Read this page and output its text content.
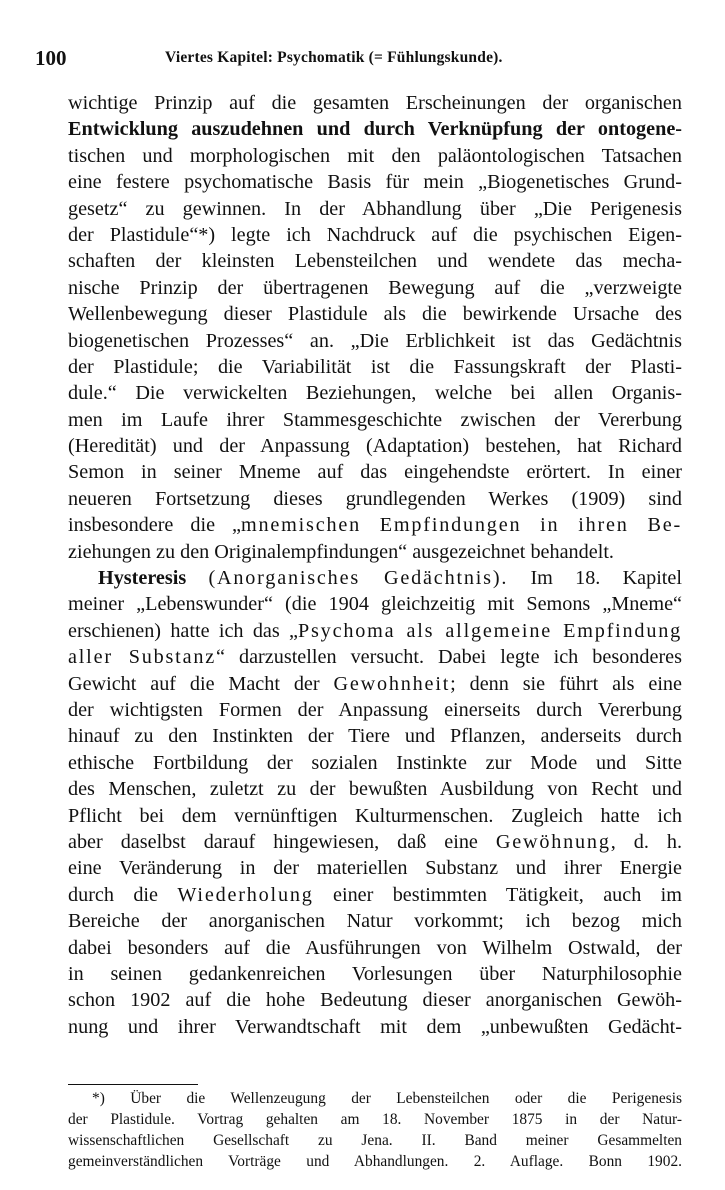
100	Viertes Kapitel: Psychomatik (= Fühlungskunde).
wichtige Prinzip auf die gesamten Erscheinungen der organischen
Entwicklung auszudehnen und durch Verknüpfung der ontogene-
tischen und morphologischen mit den paläontologischen Tatsachen
eine festere psychomatische Basis für mein „Biogenetisches Grund-
gesetz“ zu gewinnen. In der Abhandlung über „Die Perigenesis
der Plastidule“*) legte ich Nachdruck auf die psychischen Eigen-
schaften der kleinsten Lebensteilchen und wendete das mecha-
nische Prinzip der übertragenen Bewegung auf die „verzweigte
Wellenbewegung dieser Plastidule als die bewirkende Ursache des
biogenetischen Prozesses“ an. „Die Erblichkeit ist das Gedächtnis
der Plastidule; die Variabilität ist die Fassungskraft der Plasti-
dule.“ Die verwickelten Beziehungen, welche bei allen Organis-
men im Laufe ihrer Stammesgeschichte zwischen der Vererbung
(Heredität) und der Anpassung (Adaptation) bestehen, hat Richard
Semon in seiner Mneme auf das eingehendste erörtert. In einer
neueren Fortsetzung dieses grundlegenden Werkes (1909) sind
insbesondere die „mnemischen Empfindungen in ihren Be-
ziehungen zu den Originalempfindungen“ ausgezeichnet behandelt.
Hysteresis (Anorganisches Gedächtnis). Im 18. Kapitel
meiner „Lebenswunder“ (die 1904 gleichzeitig mit Semons „Mneme“
erschienen) hatte ich das „Psychoma als allgemeine Empfindung
aller Substanz“ darzustellen versucht. Dabei legte ich besonderes
Gewicht auf die Macht der Gewohnheit; denn sie führt als eine
der wichtigsten Formen der Anpassung einerseits durch Vererbung
hinauf zu den Instinkten der Tiere und Pflanzen, anderseits durch
ethische Fortbildung der sozialen Instinkte zur Mode und Sitte
des Menschen, zuletzt zu der bewußten Ausbildung von Recht und
Pflicht bei dem vernünftigen Kulturmenschen. Zugleich hatte ich
aber daselbst darauf hingewiesen, daß eine Gewöhnung, d. h.
eine Veränderung in der materiellen Substanz und ihrer Energie
durch die Wiederholung einer bestimmten Tätigkeit, auch im
Bereiche der anorganischen Natur vorkommt; ich bezog mich
dabei besonders auf die Ausführungen von Wilhelm Ostwald, der
in seinen gedankenreichen Vorlesungen über Naturphilosophie
schon 1902 auf die hohe Bedeutung dieser anorganischen Gewöh-
nung und ihrer Verwandtschaft mit dem „unbewußten Gedächt-
*) Über die Wellenzeugung der Lebensteilchen oder die Perigenesis
der Plastidule. Vortrag gehalten am 18. November 1875 in der Natur-
wissenschaftlichen Gesellschaft zu Jena. II. Band meiner Gesammelten
gemeinverständlichen Vorträge und Abhandlungen. 2. Auflage. Bonn 1902.
